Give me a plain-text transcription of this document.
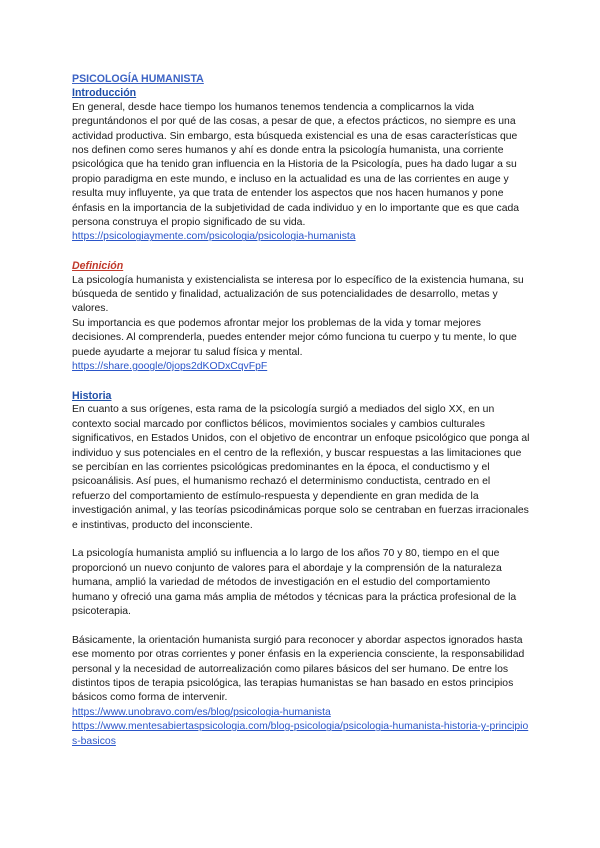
PSICOLOGÍA HUMANISTA
Introducción

En general, desde hace tiempo los humanos tenemos tendencia a complicarnos la vida preguntándonos el por qué de las cosas, a pesar de que, a efectos prácticos, no siempre es una actividad productiva. Sin embargo, esta búsqueda existencial es una de esas características que nos definen como seres humanos y ahí es donde entra la psicología humanista, una corriente psicológica que ha tenido gran influencia en la Historia de la Psicología, pues ha dado lugar a su propio paradigma en este mundo, e incluso en la actualidad es una de las corrientes en auge y resulta muy influyente, ya que trata de entender los aspectos que nos hacen humanos y pone énfasis en la importancia de la subjetividad de cada individuo y en lo importante que es que cada persona construya el propio significado de su vida.

https://psicologiaymente.com/psicologia/psicologia-humanista
Definición

La psicología humanista y existencialista se interesa por lo específico de la existencia humana, su búsqueda de sentido y finalidad, actualización de sus potencialidades de desarrollo, metas y valores.

Su importancia es que podemos afrontar mejor los problemas de la vida y tomar mejores decisiones. Al comprenderla, puedes entender mejor cómo funciona tu cuerpo y tu mente, lo que puede ayudarte a mejorar tu salud física y mental.

https://share.google/0jops2dKODxCqvFpF
Historia

En cuanto a sus orígenes, esta rama de la psicología surgió a mediados del siglo XX, en un contexto social marcado por conflictos bélicos, movimientos sociales y cambios culturales significativos, en Estados Unidos, con el objetivo de encontrar un enfoque psicológico que ponga al individuo y sus potenciales en el centro de la reflexión, y buscar respuestas a las limitaciones que se percibían en las corrientes psicológicas predominantes en la época, el conductismo y el psicoanálisis. Así pues, el humanismo rechazó el determinismo conductista, centrado en el refuerzo del comportamiento de estímulo-respuesta y dependiente en gran medida de la investigación animal, y las teorías psicodinámicas porque solo se centraban en fuerzas irracionales e instintivas, producto del inconsciente.

La psicología humanista amplió su influencia a lo largo de los años 70 y 80, tiempo en el que proporcionó un nuevo conjunto de valores para el abordaje y la comprensión de la naturaleza humana, amplió la variedad de métodos de investigación en el estudio del comportamiento humano y ofreció una gama más amplia de métodos y técnicas para la práctica profesional de la psicoterapia.

Básicamente, la orientación humanista surgió para reconocer y abordar aspectos ignorados hasta ese momento por otras corrientes y poner énfasis en la experiencia consciente, la responsabilidad personal y la necesidad de autorrealización como pilares básicos del ser humano. De entre los distintos tipos de terapia psicológica, las terapias humanistas se han basado en estos principios básicos como forma de intervenir.

https://www.unobravo.com/es/blog/psicologia-humanista
https://www.mentesabiertaspsicologia.com/blog-psicologia/psicologia-humanista-historia-y-principios-basicos
